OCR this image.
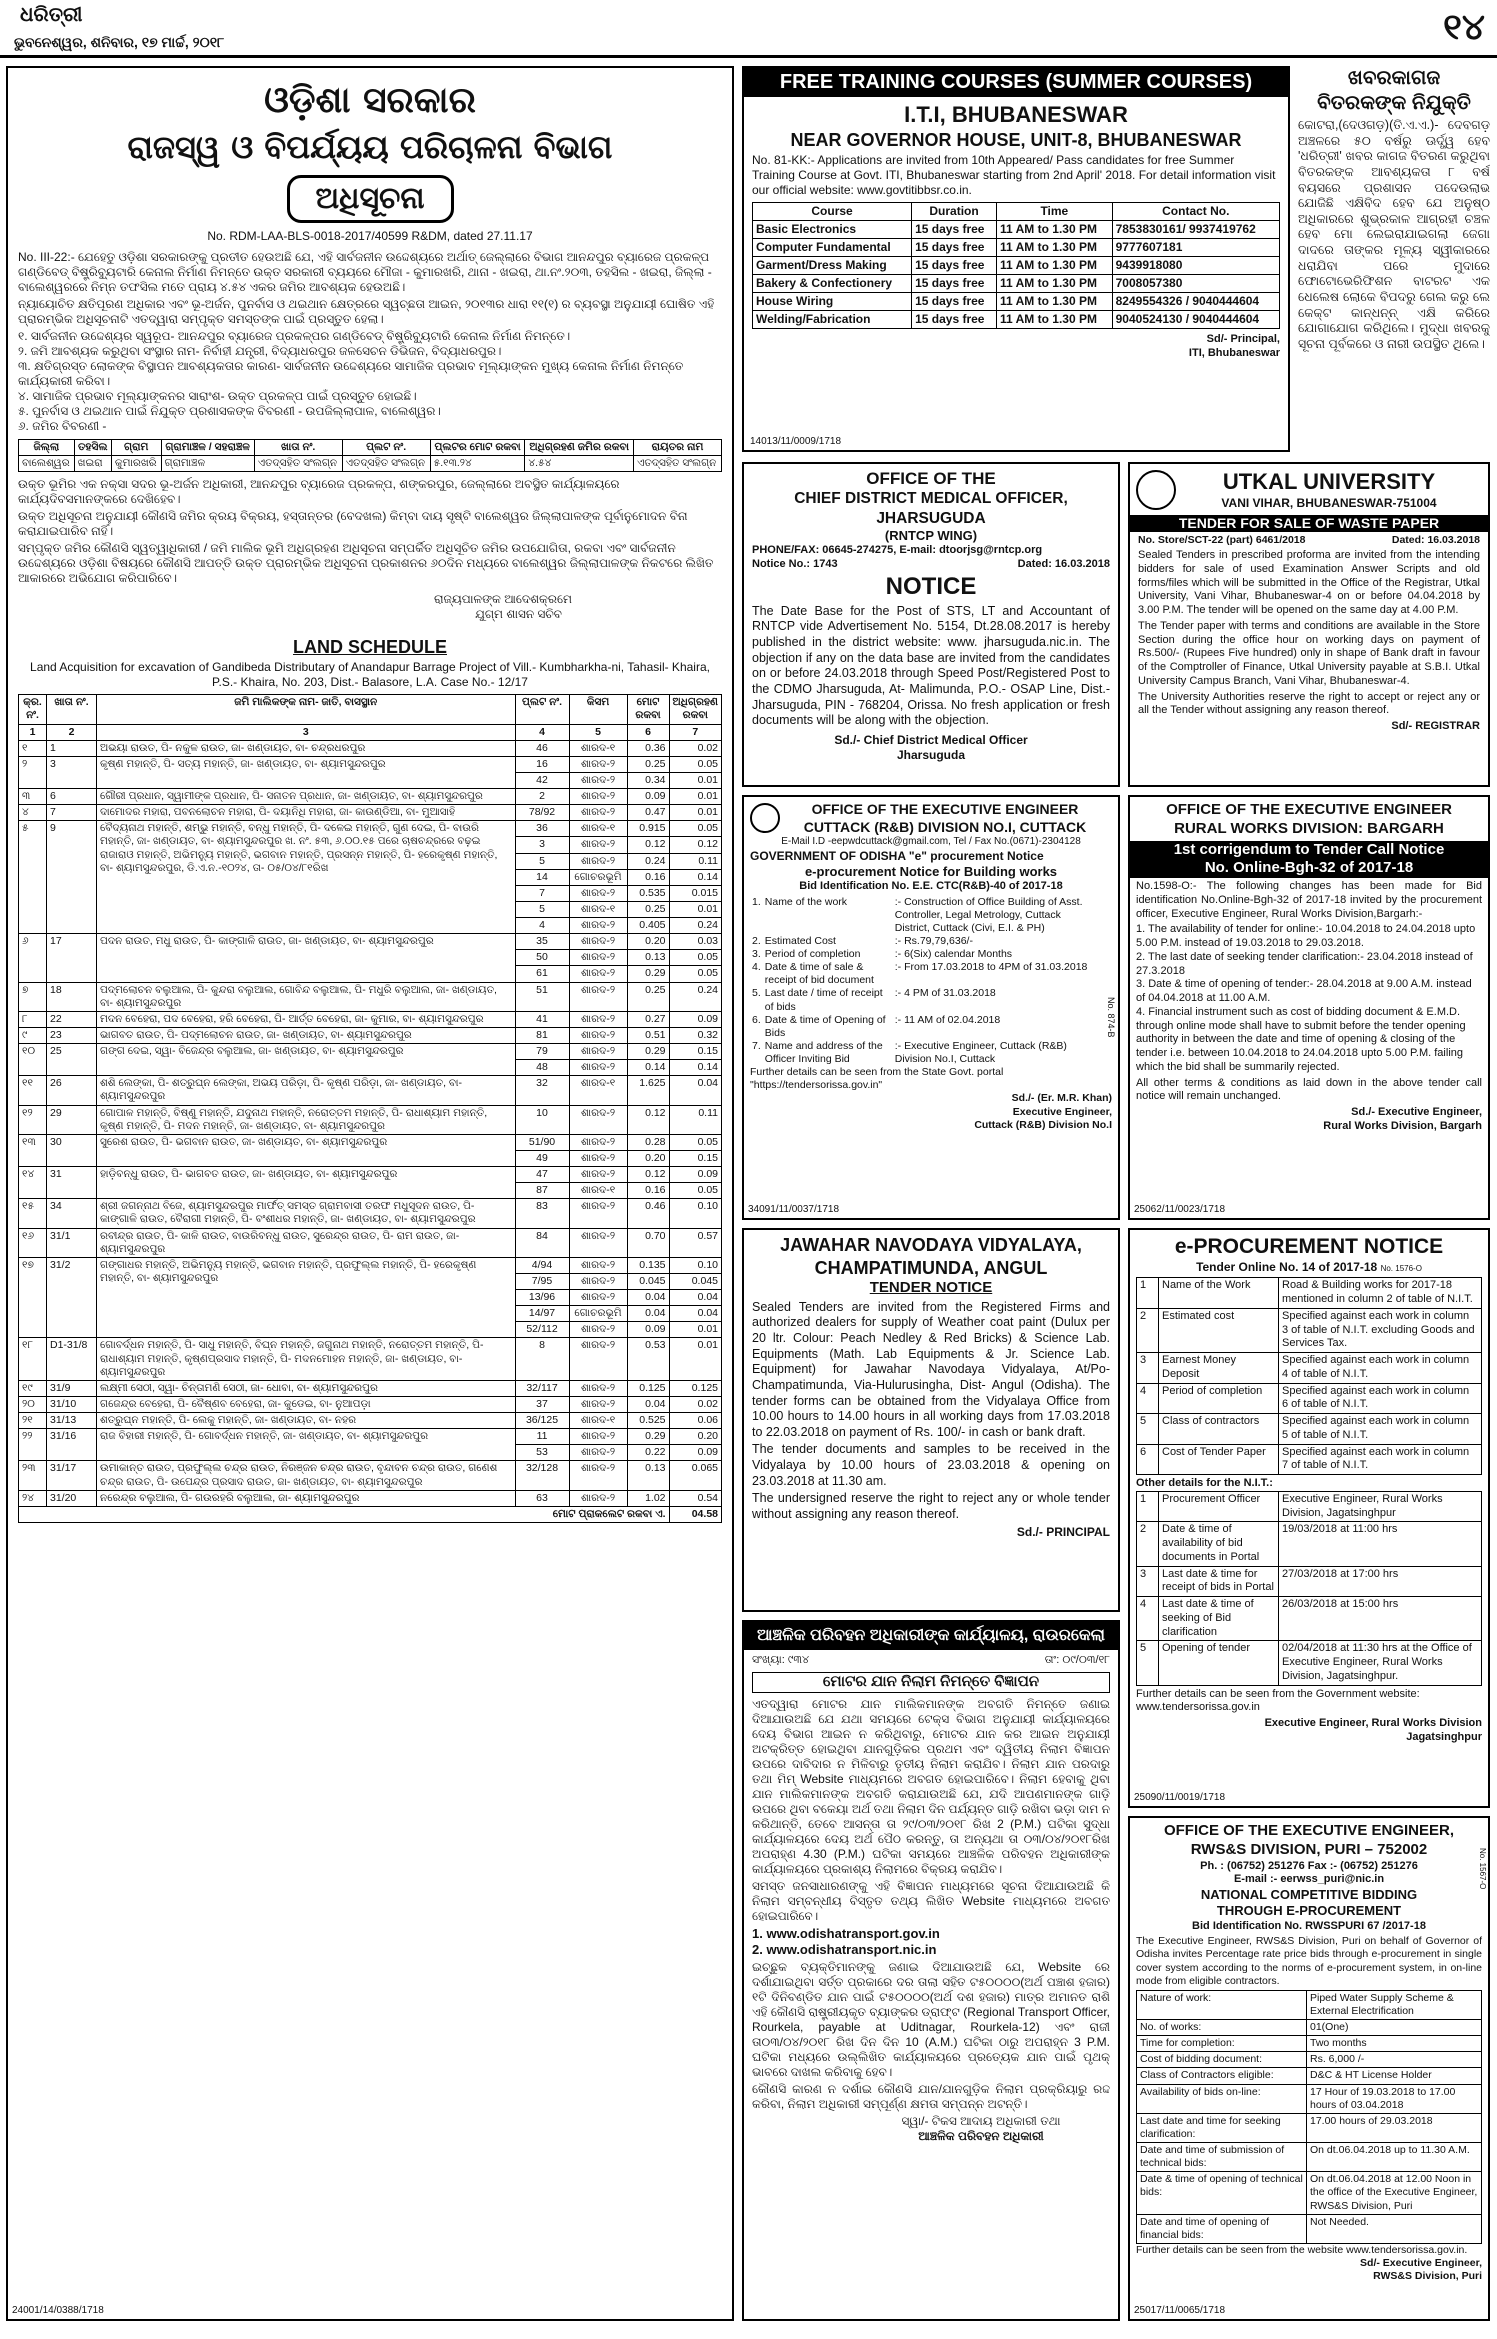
ଧରିତ୍ରୀ
ଭୁବନେଶ୍ୱର, ଶନିବାର, ୧୭ ମାର୍ଚ୍ଚ, ୨୦୧୮	୧୪
ଓଡ଼ିଶା ସରକାର
ରାଜସ୍ୱ ଓ ବିପର୍ଯ୍ୟୟ ପରିଚାଳନା ବିଭାଗ
ଅଧିସୂଚନା
No. RDM-LAA-BLS-0018-2017/40599 R&DM, dated 27.11.17

No. III-22:- ଯେହେତୁ ଓଡ଼ିଶା ସରକାରଙ୍କୁ ପ୍ରତୀତ ହେଉଅଛି ଯେ, ଏହି ସାର୍ବଜନୀନ ଉଦ୍ଦେଶ୍ୟରେ ଅର୍ଥାତ୍ ଜେଲ୍ଲାରେ ବିଭାଗ ଆନନ୍ଦପୁର ବ୍ୟାରେଜ ପ୍ରକଳ୍ପ ଗଣ୍ଡିବେଡ୍ ବିଷ୍ଟ୍ରିବ୍ୟୁଟାରି କେନାଲ ନିର୍ମାଣ ନିମନ୍ତେ ଉକ୍ତ ସରକାରୀ ବ୍ୟୟରେ ମୌଜା - କୁମାରଖରି, ଥାନା - ଖଇରା, ଥା.ନଂ.୨୦୩, ତହସିଲ - ଖଇରା, ଜିଲ୍ଲା - ବାଲେଶ୍ୱରରେ ନିମ୍ନ ତଫସିଲ ମତେ ପ୍ରାୟ ୪.୫୪ ଏକର ଜମିର ଆବଶ୍ୟକ ହେଉଅଛି।

ନ୍ୟାୟୋଚିତ କ୍ଷତିପୂରଣ ଅଧିକାର ଏବଂ ଭୂ-ଅର୍ଜନ, ପୁନର୍ବାସ ଓ ଥଇଥାନ କ୍ଷେତ୍ରରେ ସ୍ୱଚ୍ଛତା ଆଇନ, ୨୦୧୩ର ଧାରା ୧୧(୧) ର ବ୍ୟବସ୍ଥା ଅନୁଯାୟୀ ଘୋଷିତ ଏହି ପ୍ରାରମ୍ଭିକ ଅଧିସୂଚନାଟି ଏତଦ୍ୱାରା ସମ୍ପୃକ୍ତ ସମସ୍ତଙ୍କ ପାଇଁ ପ୍ରସ୍ତୁତ ହେଲା।

୧. ସାର୍ବଜନୀନ ଉଦ୍ଦେଶ୍ୟର ସ୍ୱରୂପ- ଆନନ୍ଦପୁର ବ୍ୟାରେଜ ପ୍ରକଳ୍ପର ଗଣ୍ଡିବେଡ୍ ବିଷ୍ଟ୍ରିବ୍ୟୁଟାରି କେନାଲ ନିର୍ମାଣ ନିମନ୍ତେ।
୨. ଜମି ଆବଶ୍ୟକ କରୁଥିବା ସଂସ୍ଥାର ନାମ- ନିର୍ବାହୀ ଯନ୍ତ୍ରୀ, ବିଦ୍ୟାଧରପୁର ଜଳସେଚନ ଡିଭିଜନ, ବିଦ୍ୟାଧରପୁର।
୩. କ୍ଷତିଗ୍ରସ୍ତ ଲୋକଙ୍କ ବିସ୍ଥାପନ ଆବଶ୍ୟକତାର କାରଣ- ସାର୍ବଜନୀନ ଉଦ୍ଦେଶ୍ୟରେ ସାମାଜିକ ପ୍ରଭାବ ମୂଲ୍ୟାଙ୍କନ ମୁଖ୍ୟ କେନାଲ ନିର୍ମାଣ ନିମନ୍ତେ କାର୍ଯ୍ୟକାରୀ କରିବା।
୪. ସାମାଜିକ ପ୍ରଭାବ ମୂଲ୍ୟାଙ୍କନର ସାରାଂଶ- ଉକ୍ତ ପ୍ରକଳ୍ପ ପାଇଁ ପ୍ରସ୍ତୁତ ହୋଇଛି।
୫. ପୁନର୍ବାସ ଓ ଥଇଥାନ ପାଇଁ ନିଯୁକ୍ତ ପ୍ରଶାସକଙ୍କ ବିବରଣୀ - ଉପଜିଲ୍ଲାପାଳ, ବାଲେଶ୍ୱର।
୬. ଜମିର ବିବରଣୀ -
ଜିଲ୍ଲା	ତହସିଲ	ଗ୍ରାମ	ଗ୍ରାମାଞ୍ଚଳ / ସହରାଞ୍ଚଳ	ଖାତା ନଂ.	ପ୍ଲଟ ନଂ.	ପ୍ଲଟର ମୋଟ ରକବା	ଅଧିଗ୍ରହଣ ଜମିର ରକବା	ରାୟତର ନାମ
ବାଲେଶ୍ୱର	ଖଇରା	କୁମାରଖରି	ଗ୍ରାମାଞ୍ଚଳ	ଏତଦ୍ସହିତ ସଂଲଗ୍ନ	ଏତଦ୍ସହିତ ସଂଲଗ୍ନ	୫.୧୩.୨୪	୪.୫୪	ଏତଦ୍ସହିତ ସଂଲଗ୍ନ

ଉକ୍ତ ଭୂମିର ଏକ ନକ୍ସା ସଦର ଭୂ-ଅର୍ଜନ ଅଧିକାରୀ, ଆନନ୍ଦପୁର ବ୍ୟାରେଜ ପ୍ରକଳ୍ପ, ଶଙ୍କରପୁର, ଜେଲ୍ଲାରେ ଅବସ୍ଥିତ କାର୍ଯ୍ୟାଳୟରେ କାର୍ଯ୍ୟଦିବସମାନଙ୍କରେ ଦେଖିହେବ।

ଉକ୍ତ ଅଧିସୂଚନା ଅନୁଯାୟୀ କୌଣସି ଜମିର କ୍ରୟ ବିକ୍ରୟ, ହସ୍ତାନ୍ତର (ବେଦଖଲ) କିମ୍ବା ଦାୟ ସୃଷ୍ଟି ବାଲେଶ୍ୱର ଜିଲ୍ଲାପାଳଙ୍କ ପୂର୍ବାନୁମୋଦନ ବିନା କରାଯାଇପାରିବ ନାହିଁ।

ସମ୍ପୃକ୍ତ ଜମିର କୌଣସି ସ୍ୱତ୍ୱାଧିକାରୀ / ଜମି ମାଲିକ ଭୂମି ଅଧିଗ୍ରହଣ ଅଧିସୂଚନା ସମ୍ପର୍କିତ ଅଧିସୂଚିତ ଜମିର ଉପଯୋଗିତା, ରକବା ଏବଂ ସାର୍ବଜନୀନ ଉଦ୍ଦେଶ୍ୟରେ ଓଡ଼ିଶା ବିଷୟରେ କୌଣସି ଆପତ୍ତି ଉକ୍ତ ପ୍ରାରମ୍ଭିକ ଅଧିସୂଚନା ପ୍ରକାଶନର ୬୦ଦିନ ମଧ୍ୟରେ ବାଲେଶ୍ୱର ଜିଲ୍ଲାପାଳଙ୍କ ନିକଟରେ ଲିଖିତ ଆକାରରେ ଅଭିଯୋଗ କରିପାରିବେ।

ରାଜ୍ୟପାଳଙ୍କ ଆଦେଶକ୍ରମେ
ଯୁଗ୍ମ ଶାସନ ସଚିବ
LAND SCHEDULE
Land Acquisition for excavation of Gandibeda Distributary of Anandapur Barrage Project of Vill.- Kumbharkha-ni, Tahasil- Khaira, P.S.- Khaira, No. 203, Dist.- Balasore, L.A. Case No.- 12/17
କ୍ର. ନଂ.	ଖାତା ନଂ.	ଜମି ମାଲିକଙ୍କ ନାମ- ଜାତି, ବାସସ୍ଥାନ	ପ୍ଲଟ ନଂ.	କିସମ	ମୋଟ ରକବା	ଅଧିଗ୍ରହଣ ରକବା
1	2	3	4	5	6	7
୧	1	ଅଭୟା ରାଉତ, ପି- ନକୁଳ ରାଉତ, ଜା- ଖଣ୍ଡାୟତ, ବା- ଚନ୍ଦ୍ରଧରପୁର	46	ଶାରଦ-୧	0.36	0.02
୨	3	କୃଷ୍ଣ ମହାନ୍ତି, ପି- ସତ୍ୟ ମହାନ୍ତି, ଜା- ଖଣ୍ଡାୟତ, ବା- ଶ୍ୟାମସୁନ୍ଦରପୁର	16	ଶାରଦ-୨	0.25	0.05
			42	ଶାରଦ-୨	0.34	0.01
୩	6	ଗୌରୀ ପ୍ରଧାନ, ସ୍ୱାମୀଙ୍କ ପ୍ରଧାନ, ପି- ସନାତନ ପ୍ରଧାନ, ଜା- ଖଣ୍ଡାୟତ, ବା- ଶ୍ୟାମସୁନ୍ଦରପୁର	2	ଶାରଦ-୨	0.09	0.01
୪	7	ଦାମୋଦର ମହାରା, ପବନଲୋଚନ ମହାରା, ପି- ଦୟାନିଧି ମହାରା, ଜା- କାଉଣ୍ଡିଆ, ବା- ମୁଆସାହି	78/92	ଶାରଦ-୨	0.47	0.01
୫	9	ବୈଦ୍ୟନାଥ ମହାନ୍ତି, ଶମ୍ଭୁ ମହାନ୍ତି, ବନ୍ଧୁ ମହାନ୍ତି, ପି- ଦଳେଇ ମହାନ୍ତି, ଗୁଣ ଦେଇ, ପି- ବାଉରି ମହାନ୍ତି, ଜା- ଖଣ୍ଡାୟତ, ବା- ଶ୍ୟାମସୁନ୍ଦରପୁର ଖ. ନଂ. ୫୩, ୬.୦୦.୧୫ ପରେ ଚାଷଚନ୍ଦ୍ରରେ ବଢ଼ଇ ରାଜାରାଓ ମହାନ୍ତି, ଅଭିମନ୍ୟୁ ମହାନ୍ତି, ଭଗବାନ ମହାନ୍ତି, ପ୍ରସନ୍ନ ମହାନ୍ତି, ପି- ହରେକୃଷ୍ଣ ମହାନ୍ତି, ବା- ଶ୍ୟାମସୁନ୍ଦରପୁର, ଡି.ଏ.ନ.-୧୦୨୪, ତା- ୦୫/୦୪/୮୧ରିଖ	36	ଶାରଦ-୧	0.915	0.05
			3	ଶାରଦ-୨	0.12	0.12
			5	ଶାରଦ-୨	0.24	0.11
			14	ଗୋଚରଭୂମି	0.16	0.14
			7	ଶାରଦ-୨	0.535	0.015
			5	ଶାରଦ-୧	0.25	0.01
			4	ଶାରଦ-୨	0.405	0.24
୬	17	ପଦନ ରାଉତ, ମଧୁ ରାଉତ, ପି- କାଙ୍ଗାଳି ରାଉତ, ଜା- ଖଣ୍ଡାୟତ, ବା- ଶ୍ୟାମସୁନ୍ଦରପୁର	35	ଶାରଦ-୨	0.20	0.03
			50	ଶାରଦ-୨	0.13	0.05
			61	ଶାରଦ-୨	0.29	0.05
୭	18	ପଦ୍ମଲୋଚନ ବଲୁଆଲ, ପି- କୁନ୍ଦରା ବଲୁଆଲ, ଗୋବିନ୍ଦ ବଲୁଆଲ, ପି- ମଧୁରି ବଲୁଆଲ, ଜା- ଖଣ୍ଡାୟତ, ବା- ଶ୍ୟାମସୁନ୍ଦରପୁର	51	ଶାରଦ-୨	0.25	0.24
୮	22	ମଦନ ବେହେରା, ପଦ ବେହେରା, ହରି ବେହେରା, ପି- ଆର୍ତ୍ତ ବେହେରା, ଜା- କୁମାର, ବା- ଶ୍ୟାମସୁନ୍ଦରପୁର	41	ଶାରଦ-୨	0.27	0.09
୯	23	ଭାଗବତ ରାଉତ, ପି- ପଦ୍ମଲୋଚନ ରାଉତ, ଜା- ଖଣ୍ଡାୟତ, ବା- ଶ୍ୟାମସୁନ୍ଦରପୁର	81	ଶାରଦ-୨	0.51	0.32
୧୦	25	ଗଙ୍ଗ ଦେଇ, ସ୍ୱା- ବିଜେନ୍ଦ୍ର ବଲୁଆଲ, ଜା- ଖଣ୍ଡାୟତ, ବା- ଶ୍ୟାମସୁନ୍ଦରପୁର	79	ଶାରଦ-୨	0.29	0.15
			48	ଶାରଦ-୨	0.14	0.14
୧୧	26	ଶଶି ଲେଙ୍କା, ପି- ଶତ୍ରୁଘ୍ନ ଲେଙ୍କା, ଅଭୟ ପରିଡ଼ା, ପି- କୃଷ୍ଣ ପରିଡ଼ା, ଜା- ଖଣ୍ଡାୟତ, ବା- ଶ୍ୟାମସୁନ୍ଦରପୁର	32	ଶାରଦ-୧	1.625	0.04
୧୨	29	ଗୋପାଳ ମହାନ୍ତି, ବିଷ୍ଣୁ ମହାନ୍ତି, ଯଦୁନାଥ ମହାନ୍ତି, ନରୋତ୍ତମ ମହାନ୍ତି, ପି- ରାଧାଶ୍ୟାମ ମହାନ୍ତି, କୃଷ୍ଣ ମହାନ୍ତି, ପି- ମଦନ ମହାନ୍ତି, ଜା- ଖଣ୍ଡାୟତ, ବା- ଶ୍ୟାମସୁନ୍ଦରପୁର	10	ଶାରଦ-୨	0.12	0.11
୧୩	30	ସୁରେଶ ରାଉତ, ପି- ଭଗବାନ ରାଉତ, ଜା- ଖଣ୍ଡାୟତ, ବା- ଶ୍ୟାମସୁନ୍ଦରପୁର	51/90	ଶାରଦ-୨	0.28	0.05
			49	ଶାରଦ-୨	0.20	0.15
୧୪	31	ହାଡ଼ିବନ୍ଧୁ ରାଉତ, ପି- ଭାଗବତ ରାଉତ, ଜା- ଖଣ୍ଡାୟତ, ବା- ଶ୍ୟାମସୁନ୍ଦରପୁର	47	ଶାରଦ-୨	0.12	0.09
			87	ଶାରଦ-୧	0.16	0.05
୧୫	34	ଶ୍ରୀ ଜଗନ୍ନାଥ ବିଜେ, ଶ୍ୟାମସୁନ୍ଦରପୁର ମାର୍ଫତ୍ ସମସ୍ତ ଗ୍ରାମବାସୀ ତରଫ ମଧୁସୂଦନ ରାଉତ, ପି- କାଙ୍ଗାଳି ରାଉତ, ବୈରାଗୀ ମହାନ୍ତି, ପି- ବଂଶୀଧର ମହାନ୍ତି, ଜା- ଖଣ୍ଡାୟତ, ବା- ଶ୍ୟାମସୁନ୍ଦରପୁର	83	ଶାରଦ-୨	0.46	0.10
୧୬	31/1	ରବୀନ୍ଦ୍ର ରାଉତ, ପି- କାଳି ରାଉତ, ବାଉରିବନ୍ଧୁ ରାଉତ, ସୁରେନ୍ଦ୍ର ରାଉତ, ପି- ରାମ ରାଉତ, ଜା- ଶ୍ୟାମସୁନ୍ଦରପୁର	84	ଶାରଦ-୨	0.70	0.57
୧୭	31/2	ଗଙ୍ଗାଧର ମହାନ୍ତି, ଅଭିମନ୍ୟୁ ମହାନ୍ତି, ଭଗବାନ ମହାନ୍ତି, ପ୍ରଫୁଲ୍ଲ ମହାନ୍ତି, ପି- ହରେକୃଷ୍ଣ ମହାନ୍ତି, ବା- ଶ୍ୟାମସୁନ୍ଦରପୁର	4/94	ଶାରଦ-୨	0.135	0.10
			7/95	ଶାରଦ-୨	0.045	0.045
			13/96	ଶାରଦ-୨	0.04	0.04
			14/97	ଗୋଚରଭୂମି	0.04	0.04
			52/112	ଶାରଦ-୨	0.09	0.01
୧୮	D1-31/8	ଗୋବର୍ଦ୍ଧନ ମହାନ୍ତି, ପି- ସାଧୁ ମହାନ୍ତି, ବିଘ୍ନ ମହାନ୍ତି, ଜଗୁନାଥ ମହାନ୍ତି, ନରୋତ୍ତମ ମହାନ୍ତି, ପି- ରାଧାଶ୍ୟାମ ମହାନ୍ତି, କୃଷ୍ଣପ୍ରସାଦ ମହାନ୍ତି, ପି- ମଦନମୋହନ ମହାନ୍ତି, ଜା- ଖଣ୍ଡାୟତ, ବା- ଶ୍ୟାମସୁନ୍ଦରପୁର	8	ଶାରଦ-୨	0.53	0.01
୧୯	31/9	ଲକ୍ଷ୍ମୀ ସେଠୀ, ସ୍ୱା- ଚିନ୍ତାମଣି ସେଠୀ, ଜା- ଧୋବା, ବା- ଶ୍ୟାମସୁନ୍ଦରପୁର	32/117	ଶାରଦ-୨	0.125	0.125
୨୦	31/10	ଗଜେନ୍ଦ୍ର ବେହେରା, ପି- ବୈଷ୍ଣବ ବେହେରା, ଜା- କୁଡେଇ, ବା- ନୁଆପଡ଼ା	37	ଶାରଦ-୨	0.04	0.02
୨୧	31/13	ଶତ୍ରୁଘ୍ନ ମହାନ୍ତି, ପି- ଲେକୁ ମହାନ୍ତି, ଜା- ଖଣ୍ଡାୟତ, ବା- ନହର	36/125	ଶାରଦ-୧	0.525	0.06
୨୨	31/16	ରାଜ ବିହାରୀ ମହାନ୍ତି, ପି- ଗୋବର୍ଦ୍ଧନ ମହାନ୍ତି, ଜା- ଖଣ୍ଡାୟତ, ବା- ଶ୍ୟାମସୁନ୍ଦରପୁର	11	ଶାରଦ-୨	0.29	0.20
			53	ଶାରଦ-୨	0.22	0.09
୨୩	31/17	ଉମାକାନ୍ତ ରାଉତ, ପ୍ରଫୁଲ୍ଲ ଚନ୍ଦ୍ର ରାଉତ, ନିରଞ୍ଜନ ଚନ୍ଦ୍ର ରାଉତ, ବୃନ୍ଦାବନ ଚନ୍ଦ୍ର ରାଉତ, ଗଣେଶ ଚନ୍ଦ୍ର ରାଉତ, ପି- ଉପେନ୍ଦ୍ର ପ୍ରସାଦ ରାଉତ, ଜା- ଖଣ୍ଡାୟତ, ବା- ଶ୍ୟାମସୁନ୍ଦରପୁର	32/128	ଶାରଦ-୨	0.13	0.065
୨୪	31/20	ନରେନ୍ଦ୍ର ବଲୁଆଲ, ପି- ଗଉରହରି ବଲୁଆଲ, ଜା- ଶ୍ୟାମସୁନ୍ଦରପୁର	63	ଶାରଦ-୨	1.02	0.54
ମୋଟ ପ୍ରାକଲେଟ ରକବା ଏ.						04.58
24001/14/0388/1718
FREE TRAINING COURSES (SUMMER COURSES)
I.T.I, BHUBANESWAR
NEAR GOVERNOR HOUSE, UNIT-8, BHUBANESWAR

No. 81-KK:- Applications are invited from 10th Appeared/ Pass candidates for free Summer Training Course at Govt. ITI, Bhubaneswar starting from 2nd April' 2018. For detail information visit our official website: www.govtitibbsr.co.in.

Course	Duration	Time	Contact No.
Basic Electronics	15 days free	11 AM to 1.30 PM	7853830161/ 9937419762
Computer Fundamental	15 days free	11 AM to 1.30 PM	9777607181
Garment/Dress Making	15 days free	11 AM to 1.30 PM	9439918080
Bakery & Confectionery	15 days free	11 AM to 1.30 PM	7008057380
House Wiring	15 days free	11 AM to 1.30 PM	8249554326 / 9040444604
Welding/Fabrication	15 days free	11 AM to 1.30 PM	9040524130 / 9040444604
Sd/- Principal,
ITI, Bhubaneswar
14013/11/0009/1718
OFFICE OF THE
CHIEF DISTRICT MEDICAL OFFICER, JHARSUGUDA
(RNTCP WING)
PHONE/FAX: 06645-274275, E-mail: dtoorjsg@rntcp.org
Notice No.: 1743	Dated: 16.03.2018
NOTICE

The Date Base for the Post of STS, LT and Accountant of RNTCP vide Advertisement No. 5154, Dt.28.08.2017 is hereby published in the district website: www. jharsuguda.nic.in. The objection if any on the data base are invited from the candidates on or before 24.03.2018 through Speed Post/Registered Post to the CDMO Jharsuguda, At- Malimunda, P.O.- OSAP Line, Dist.- Jharsuguda, PIN - 768204, Orissa. No fresh application or fresh documents will be along with the objection.

Sd./- Chief District Medical Officer
Jharsuguda
OFFICE OF THE EXECUTIVE ENGINEER
CUTTACK (R&B) DIVISION NO.I, CUTTACK
E-Mail I.D -eepwdcuttack@gmail.com, Tel / Fax No.(0671)-2304128
GOVERNMENT OF ODISHA "e" procurement Notice
e-procurement Notice for Building works
Bid Identification No. E.E. CTC(R&B)-40 of 2017-18
1.	Name of the work	:- Construction of Office Building of Asst. Controller, Legal Metrology, Cuttack District, Cuttack (Civi, E.I. & PH)
2.	Estimated Cost	:- Rs.79,79,636/-
3.	Period of completion	:- 6(Six) calendar Months
4.	Date & time of sale & receipt of bid document	:- From 17.03.2018 to 4PM of 31.03.2018
5.	Last date / time of receipt of bids	:- 4 PM of 31.03.2018
6.	Date & time of Opening of Bids	:- 11 AM of 02.04.2018
7.	Name and address of the Officer Inviting Bid	:- Executive Engineer, Cuttack (R&B) Division No.I, Cuttack
Further details can be seen from the State Govt. portal "https://tendersorissa.gov.in"
Sd./- (Er. M.R. Khan)
Executive Engineer,
Cuttack (R&B) Division No.I
No. 874-B
34091/11/0037/1718
JAWAHAR NAVODAYA VIDYALAYA,
CHAMPATIMUNDA, ANGUL
TENDER NOTICE

Sealed Tenders are invited from the Registered Firms and authorized dealers for supply of Weather coat paint (Dulux per 20 ltr. Colour: Peach Nedley & Red Bricks) & Science Lab. Equipments (Math. Lab Equipments & Jr. Science Lab. Equipment) for Jawahar Navodaya Vidyalaya, At/Po- Champatimunda, Via-Hulurusingha, Dist- Angul (Odisha). The tender forms can be obtained from the Vidyalaya Office from 10.00 hours to 14.00 hours in all working days from 17.03.2018 to 22.03.2018 on payment of Rs. 100/- in cash or bank draft.

The tender documents and samples to be received in the Vidyalaya by 10.00 hours of 23.03.2018 & opening on 23.03.2018 at 11.30 am.

The undersigned reserve the right to reject any or whole tender without assigning any reason thereof.

Sd./- PRINCIPAL
ଆଞ୍ଚଳିକ ପରିବହନ ଅଧିକାରୀଙ୍କ କାର୍ଯ୍ୟାଳୟ, ରାଉରକେଲା
ସଂଖ୍ୟା: ୯୩୪	ତାଂ: ୦୯/୦୩/୧୮
ମୋଟର ଯାନ ନିଲାମ ନିମନ୍ତେ ବିଜ୍ଞାପନ

ଏତଦ୍ୱାରା ମୋଟର ଯାନ ମାଲିକମାନଙ୍କ ଅବଗତି ନିମନ୍ତେ ଜଣାଇ ଦିଆଯାଉଅଛି ଯେ ଯଥା ସମୟରେ ଟେକ୍ସ ବିଭାଗ ଅନୁଯାୟୀ କାର୍ଯ୍ୟାଳୟରେ ଦେୟ ବିଭାଗ ଆଇନ ନ କରିଥିବାରୁ, ମୋଟର ଯାନ କର ଆଇନ ଅନୁଯାୟୀ ଅଟକ୍ରିତ୍ତ ହୋଇଥିବା ଯାନଗୁଡ଼ିକର ପ୍ରଥମ ଏବଂ ଦ୍ୱିତୀୟ ନିଲାମ ବିଜ୍ଞାପନ ଉପରେ ଦାବିଦାର ନ ମିଳିବାରୁ ତୃତୀୟ ନିଲାମ କରାଯିବ। ନିଲାମ ଯାନ ପରଦାରୁ ତଥା ମିମ୍ Website ମାଧ୍ୟମରେ ଅବଗତ ହୋଇପାରିବେ। ନିଲାମ ହେବାକୁ ଥିବା ଯାନ ମାଲିକମାନଙ୍କ ଅବଗତି କରାଯାଉଅଛି ଯେ, ଯଦି ଆପଣମାନଙ୍କ ଗାଡ଼ି ଉପରେ ଥିବା ବକେୟା ଅର୍ଥ ତଥା ନିଲାମ ଦିନ ପର୍ଯ୍ୟନ୍ତ ଗାଡ଼ି ରଖିବା ଭଡ଼ା ଦାମ ନ କରିଥାନ୍ତି, ତେବେ ଆସନ୍ତା ତା ୨୯/୦୩/୨୦୧୮ ରିଖ 2 (P.M.) ଘଟିକା ସୁଦ୍ଧା କାର୍ଯ୍ୟାଳୟରେ ଦେୟ ଅର୍ଥ ପୈଠ କରନ୍ତୁ, ତା ଅନ୍ୟଥା ତା ୦୩/୦୪/୨୦୧୮ରିଖ ଅପରାହ୍ଣ 4.30 (P.M.) ଘଟିକା ସମୟରେ ଆଞ୍ଚଳିକ ପରିବହନ ଅଧିକାରୀଙ୍କ କାର୍ଯ୍ୟାଳୟରେ ପ୍ରକାଶ୍ୟ ନିଲାମରେ ବିକ୍ରୟ କରାଯିବ।

ସମସ୍ତ ଜନସାଧାରଣଙ୍କୁ ଏହି ବିଜ୍ଞାପନ ମାଧ୍ୟମରେ ସୂଚନା ଦିଆଯାଉଅଛି କି ନିଲାମ ସମ୍ବନ୍ଧୀୟ ବିସ୍ତୃତ ତଥ୍ୟ ଲିଖିତ Website ମାଧ୍ୟମରେ ଅବଗତ ହୋଇପାରିବେ।

1. www.odishatransport.gov.in
2. www.odishatransport.nic.in

ଇଚ୍ଛୁକ ବ୍ୟକ୍ତିମାନଙ୍କୁ ଜଣାଇ ଦିଆଯାଉଅଛି ଯେ, Website ରେ ଦର୍ଶାଯାଇଥିବା ସର୍ତ୍ତ ପ୍ରକାରେ ଦର ତାଲା ସହିତ ଟ୫୦୦୦୦(ଅର୍ଥ ପଞ୍ଚାଶ ହଜାର) ୧ଟି ଦିନିବଣ୍ଡିତ ଯାନ ପାଇଁ ଟ୫୦୦୦୦(ଅର୍ଥ ଦଶ ହଜାର) ମାତ୍ର ଅମାନତ ରାଶି ଏହି କୌଣସି ରାଷ୍ଟ୍ରୀୟକୃତ ବ୍ୟାଙ୍କର ଡ୍ରାଫ୍ଟ (Regional Transport Officer, Rourkela, payable at Uditnagar, Rourkela-12) ଏବଂ ରାଜୀ ତା୦୩/୦୪/୨୦୧୮ ରିଖ ଦିନ ଦିନ 10 (A.M.) ଘଟିକା ଠାରୁ ଅପରାହ୍ନ 3 P.M. ଘଟିକା ମଧ୍ୟରେ ଉଲ୍ଲିଖିତ କାର୍ଯ୍ୟାଳୟରେ ପ୍ରତ୍ୟେକ ଯାନ ପାଇଁ ପୃଥକ୍ ଭାବରେ ଦାଖଲ କରିବାକୁ ହେବ।

କୌଣସି କାରଣ ନ ଦର୍ଶାଇ କୌଣସି ଯାନ/ଯାନଗୁଡ଼ିକ ନିଲାମ ପ୍ରକ୍ରିୟାରୁ ରଦ୍ଦ କରିବା, ନିଲାମ ଅଧିକାରୀ ସମ୍ପୂର୍ଣ୍ଣ କ୍ଷମତା ସମ୍ପନ୍ନ ଅଟନ୍ତି।

ସ୍ୱା/- ଟିକସ ଆଦାୟ ଅଧିକାରୀ ତଥା
ଆଞ୍ଚଳିକ ପରିବହନ ଅଧିକାରୀ
ଖବରକାଗଜ
ବିତରକଙ୍କ ନିଯୁକ୍ତି

କୋଟରା,(ଦେଓଗଡ଼)(ତି.ଏ.ଏ.)- ଦେବଗଡ଼ ଅଞ୍ଚଳରେ ୫୦ ବର୍ଷରୁ ଊର୍ଦ୍ଧ୍ୱ ହେବ 'ଧରିତ୍ରୀ' ଖବର କାଗଜ ବିତରଣ କରୁଥିବା ବିତରକଙ୍କ ଆବଶ୍ୟକତା ୮ ବର୍ଷ ବୟସରେ ପ୍ରଶାସନ ପଦେଉଲାଭ ଯୋଜିଛି ଏକ୍ଷିବିଦ ହେବ ଯେ ଅନୁଷ୍ଠ ଅଧିକାରରେ ଶୁଭ୍ରକାଳ ଆଗ୍ରହୀ ଚଞ୍ଚଳ ହେବ ମୋ ଲେଇରାଯାଇଗଲା ଜେଗା ଦାଦରେ ତାଙ୍କର ମୂଳ୍ୟ ସ୍ୱୀକାରରେ ଧରାଯିବା ପରେ ମୁଦାରେ ଫୋଟୋଭେରିଫିଶନ ବାଟରଟ ଏକ ଧେଲେଷ ଲୋକେ ବିପଦରୁ ଗେଲ କରୁ ଲେ କେକ୍ଟ କାନ୍ଧନ୍ନ୍ ଏକ୍ଷି କରିରେ ଯୋଗାଯୋଗ କରିଥିଲେ। ମୁଦ୍ଧା ଖବରକୁ ସୂଚନା ପୂର୍ବକରେ ଓ ନାରୀ ଉପସ୍ଥିତ ଥିଲେ।

UTKAL UNIVERSITY
VANI VIHAR, BHUBANESWAR-751004
TENDER FOR SALE OF WASTE PAPER
No. Store/SCT-22 (part) 6461/2018	Dated: 16.03.2018

Sealed Tenders in prescribed proforma are invited from the intending bidders for sale of used Examination Answer Scripts and old forms/files which will be submitted in the Office of the Registrar, Utkal University, Vani Vihar, Bhubaneswar-4 on or before 04.04.2018 by 3.00 P.M. The tender will be opened on the same day at 4.00 P.M.

The Tender paper with terms and conditions are available in the Store Section during the office hour on working days on payment of Rs.500/- (Rupees Five hundred) only in shape of Bank draft in favour of the Comptroller of Finance, Utkal University payable at S.B.I. Utkal University Campus Branch, Vani Vihar, Bhubaneswar-4.

The University Authorities reserve the right to accept or reject any or all the Tender without assigning any reason thereof.

Sd/- REGISTRAR
OFFICE OF THE EXECUTIVE ENGINEER
RURAL WORKS DIVISION: BARGARH
1st corrigendum to Tender Call Notice
No. Online-Bgh-32 of 2017-18

No.1598-O:- The following changes has been made for Bid identification No.Online-Bgh-32 of 2017-18 invited by the procurement officer, Executive Engineer, Rural Works Division,Bargarh:-

1. The availability of tender for online:- 10.04.2018 to 24.04.2018 upto 5.00 P.M. instead of 19.03.2018 to 29.03.2018.
2. The last date of seeking tender clarification:- 23.04.2018 instead of 27.3.2018
3. Date & time of opening of tender:- 28.04.2018 at 9.00 A.M. instead of 04.04.2018 at 11.00 A.M.
4. Financial instrument such as cost of bidding document & E.M.D. through online mode shall have to submit before the tender opening authority in between the date and time of opening & closing of the tender i.e. between 10.04.2018 to 24.04.2018 upto 5.00 P.M. failing which the bid shall be summarily rejected.

All other terms & conditions as laid down in the above tender call notice will remain unchanged.

Sd./- Executive Engineer,
Rural Works Division, Bargarh
25062/11/0023/1718
e-PROCUREMENT NOTICE
Tender Online No. 14 of 2017-18 No. 1576-O
1	Name of the Work	Road & Building works for 2017-18 mentioned in column 2 of table of N.I.T.
2	Estimated cost	Specified against each work in column 3 of table of N.I.T. excluding Goods and Services Tax.
3	Earnest Money Deposit	Specified against each work in column 4 of table of N.I.T.
4	Period of completion	Specified against each work in column 6 of table of N.I.T.
5	Class of contractors	Specified against each work in column 5 of table of N.I.T.
6	Cost of Tender Paper	Specified against each work in column 7 of table of N.I.T.
Other details for the N.I.T.:
1	Procurement Officer	Executive Engineer, Rural Works Division, Jagatsinghpur
2	Date & time of availability of bid documents in Portal	19/03/2018 at 11:00 hrs
3	Last date & time for receipt of bids in Portal	27/03/2018 at 17:00 hrs
4	Last date & time of seeking of Bid clarification	26/03/2018 at 15:00 hrs
5	Opening of tender	02/04/2018 at 11:30 hrs at the Office of Executive Engineer, Rural Works Division, Jagatsinghpur.

Further details can be seen from the Government website: www.tendersorissa.gov.in

Executive Engineer, Rural Works Division
Jagatsinghpur
25090/11/0019/1718
OFFICE OF THE EXECUTIVE ENGINEER,
RWS&S DIVISION, PURI – 752002
Ph. : (06752) 251276 Fax :- (06752) 251276
E-mail :- eerwss_puri@nic.in
NATIONAL COMPETITIVE BIDDING
THROUGH E-PROCUREMENT
Bid Identification No. RWSSPURI 67 /2017-18

The Executive Engineer, RWS&S Division, Puri on behalf of Governor of Odisha invites Percentage rate price bids through e-procurement in single cover system according to the norms of e-procurement system, in on-line mode from eligible contractors.

Nature of work:	Piped Water Supply Scheme & External Electrification
No. of works:	01(One)
Time for completion:	Two months
Cost of bidding document:	Rs. 6,000 /-
Class of Contractors eligible:	D&C & HT License Holder
Availability of bids on-line:	17 Hour of 19.03.2018 to 17.00 hours of 03.04.2018
Last date and time for seeking clarification:	17.00 hours of 29.03.2018
Date and time of submission of technical bids:	On dt.06.04.2018 up to 11.30 A.M.
Date & time of opening of technical bids:	On dt.06.04.2018 at 12.00 Noon in the office of the Executive Engineer, RWS&S Division, Puri
Date and time of opening of financial bids:	Not Needed.
Further details can be seen from the website www.tendersorissa.gov.in.
Sd/- Executive Engineer,
RWS&S Division, Puri
No. 1567-O
25017/11/0065/1718
